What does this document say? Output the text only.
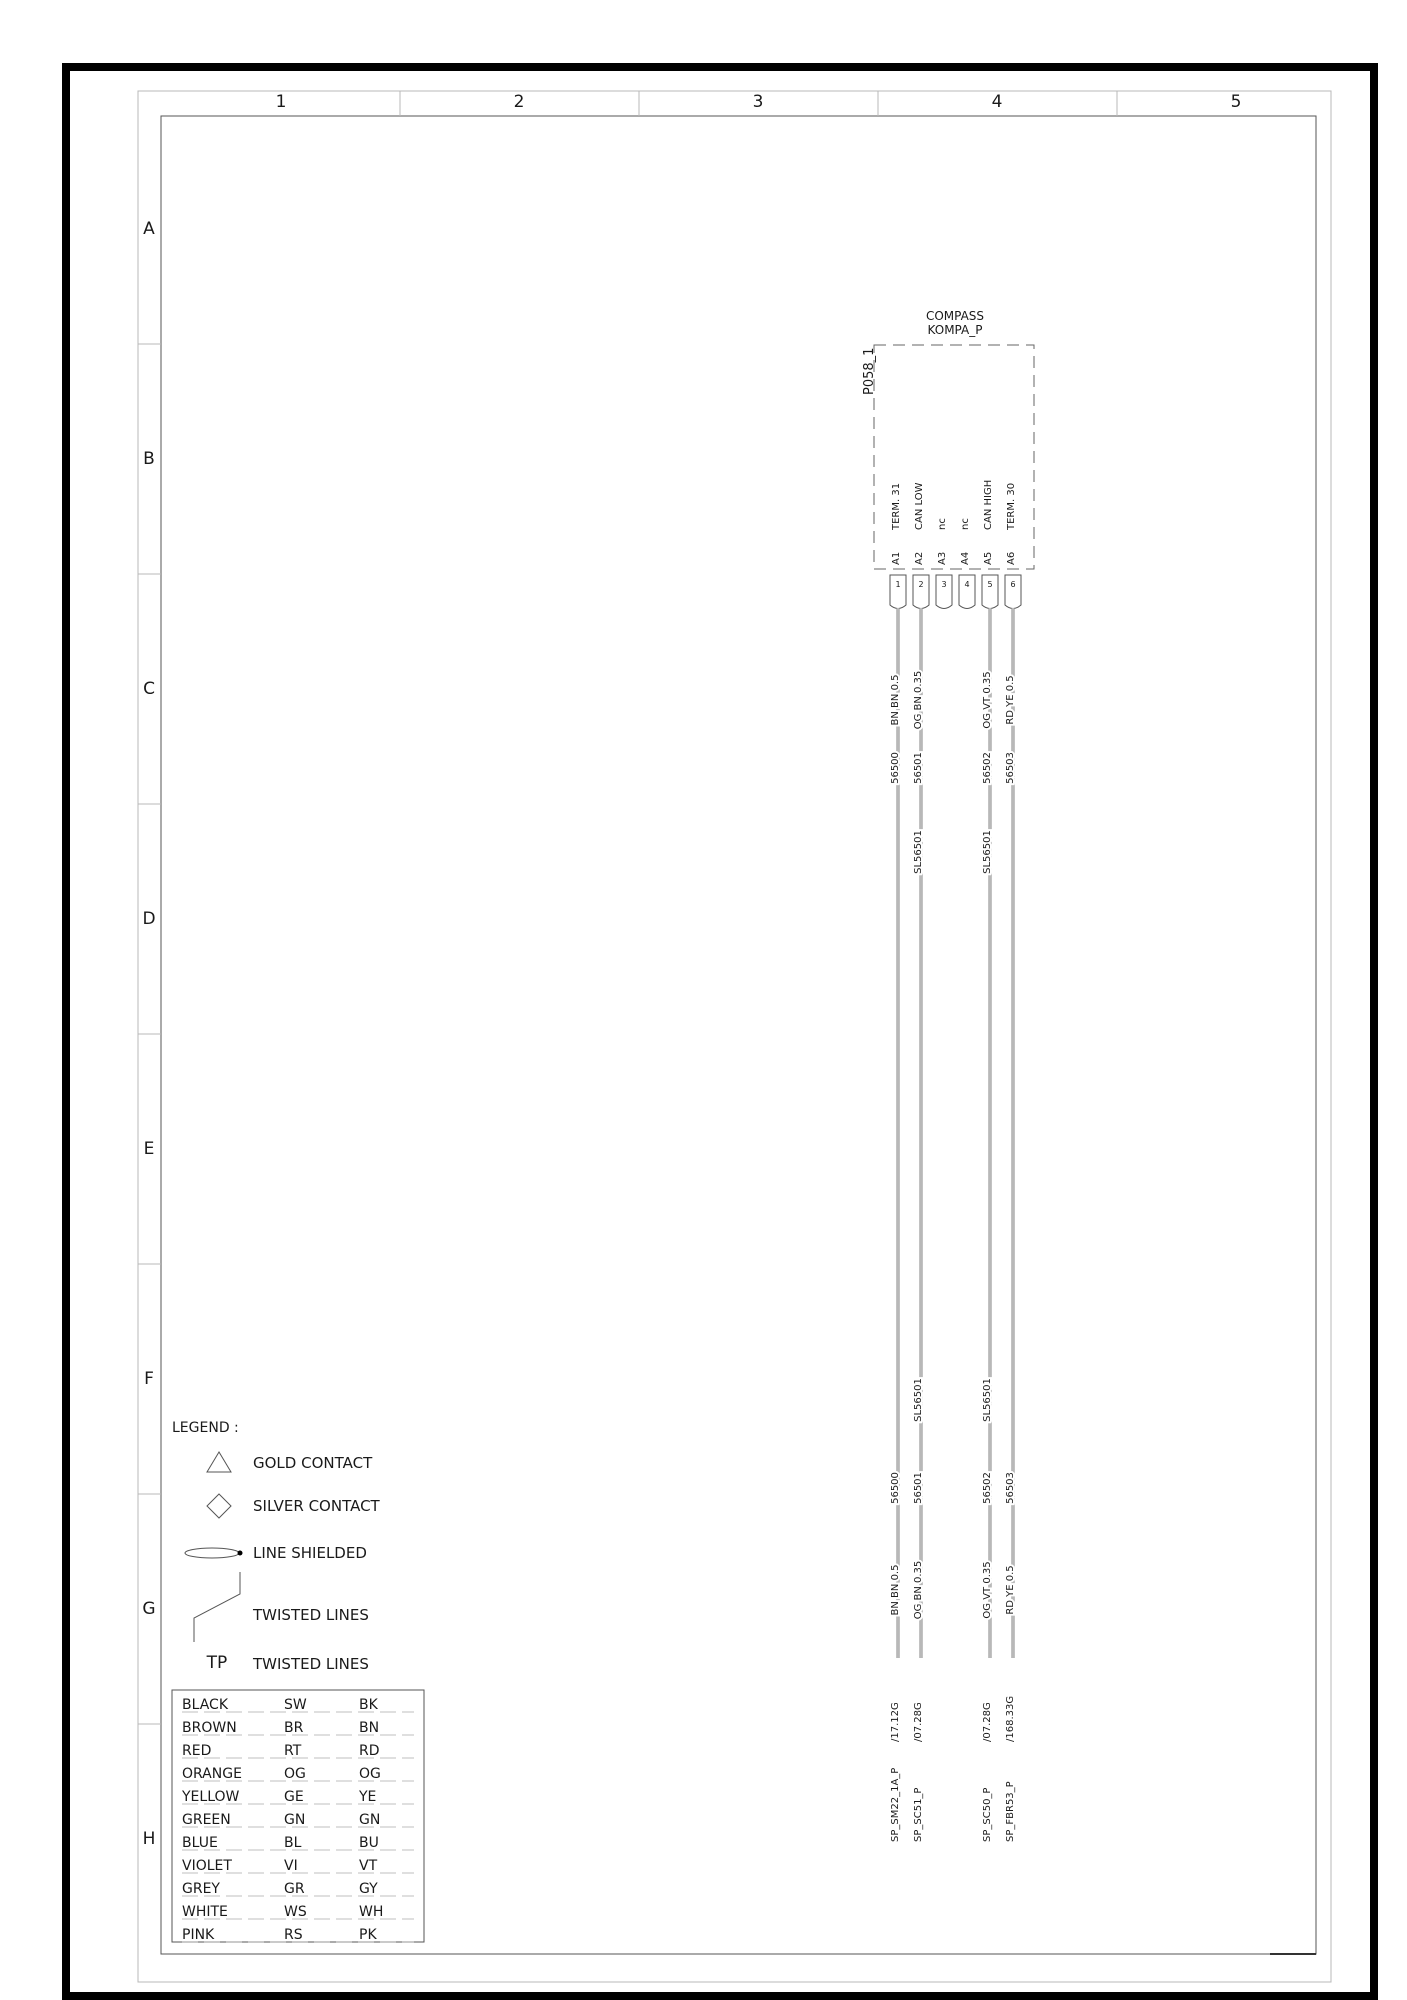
1	2	3	4	5
A
B
C
D
E
F
G
H
COMPASS
KOMPA_P
P058_1
TERM. 31 CAN LOW nc nc CAN HIGH TERM. 30
A1 A2 A3 A4 A5 A6
1 2 3 4 5 6
BN BN 0.5 OG BN 0.35	OG VT 0.35 RD YE 0.5
56500 56501	56502 56503
SL56501	SL56501
SL56501	SL56501
56500 56501	56502 56503
BN BN 0.5 OG BN 0.35	OG VT 0.35 RD YE 0.5
/17.12G /07.28G	/07.28G /168.33G
SP_SM22_1A_P SP_SC51_P	SP_SC50_P SP_FBR53_P
LEGEND :
GOLD CONTACT
SILVER CONTACT
LINE SHIELDED
TWISTED LINES
TP TWISTED LINES
BLACK	SW	BK
BROWN	BR	BN
RED	RT	RD
ORANGE	OG	OG
YELLOW	GE	YE
GREEN	GN	GN
BLUE	BL	BU
VIOLET	VI	VT
GREY	GR	GY
WHITE	WS	WH
PINK	RS	PK
